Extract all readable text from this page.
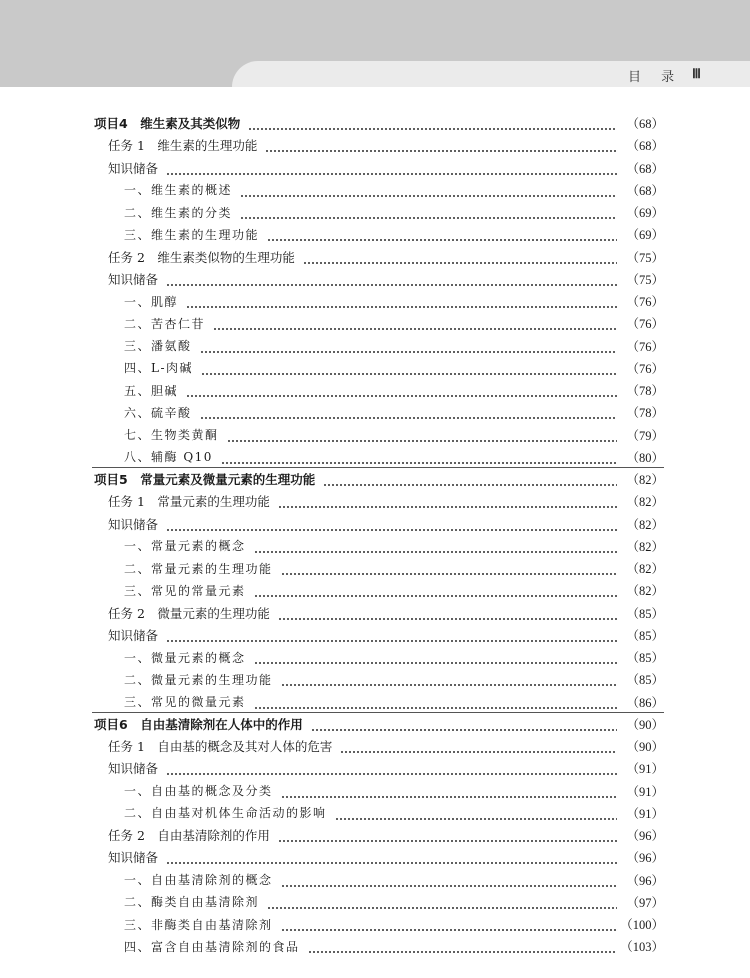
目 录 Ⅲ
项目4　维生素及其类似物	（68）
任务 1　维生素的生理功能	（68）
知识储备	（68）
一、维生素的概述	（68）
二、维生素的分类	（69）
三、维生素的生理功能	（69）
任务 2　维生素类似物的生理功能	（75）
知识储备	（75）
一、肌醇	（76）
二、苦杏仁苷	（76）
三、潘氨酸	（76）
四、L-肉碱	（76）
五、胆碱	（78）
六、硫辛酸	（78）
七、生物类黄酮	（79）
八、辅酶 Q10	（80）
项目5　常量元素及微量元素的生理功能	（82）
任务 1　常量元素的生理功能	（82）
知识储备	（82）
一、常量元素的概念	（82）
二、常量元素的生理功能	（82）
三、常见的常量元素	（82）
任务 2　微量元素的生理功能	（85）
知识储备	（85）
一、微量元素的概念	（85）
二、微量元素的生理功能	（85）
三、常见的微量元素	（86）
项目6　自由基清除剂在人体中的作用	（90）
任务 1　自由基的概念及其对人体的危害	（90）
知识储备	（91）
一、自由基的概念及分类	（91）
二、自由基对机体生命活动的影响	（91）
任务 2　自由基清除剂的作用	（96）
知识储备	（96）
一、自由基清除剂的概念	（96）
二、酶类自由基清除剂	（97）
三、非酶类自由基清除剂	（100）
四、富含自由基清除剂的食品	（103）
